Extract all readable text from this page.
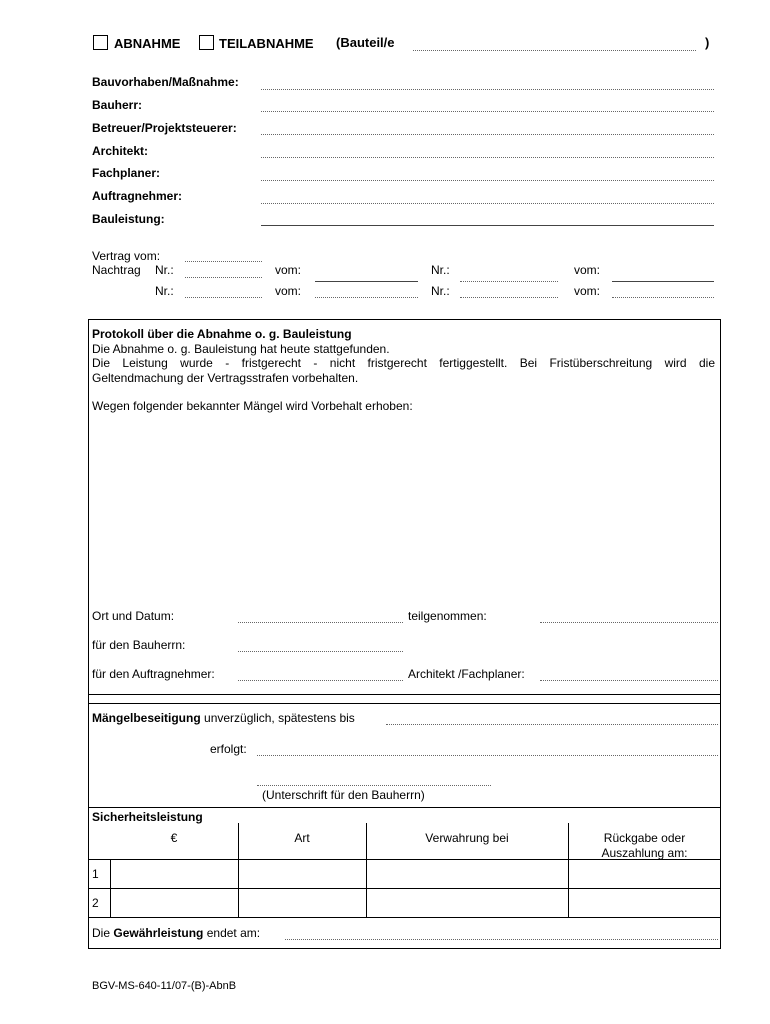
ABNAHME	TEILABNAHME (Bauteil/e	)
Bauvorhaben/Maßnahme:
Bauherr:
Betreuer/Projektsteuerer:
Architekt:
Fachplaner:
Auftragnehmer:
Bauleistung:
Vertrag vom:
Nachtrag Nr.:	vom:	Nr.:	vom:
Nr.:	vom:	Nr.:	vom:
Protokoll über die Abnahme o. g. Bauleistung
Die Abnahme o. g. Bauleistung hat heute stattgefunden.
Die Leistung wurde - fristgerecht - nicht fristgerecht fertiggestellt. Bei Fristüberschreitung wird die
Geltendmachung der Vertragsstrafen vorbehalten.
Wegen folgender bekannter Mängel wird Vorbehalt erhoben:
Ort und Datum:	teilgenommen:
für den Bauherrn:
für den Auftragnehmer:	Architekt /Fachplaner:
Mängelbeseitigung unverzüglich, spätestens bis
erfolgt:
(Unterschrift für den Bauherrn)
Sicherheitsleistung
€	Art	Verwahrung bei	Rückgabe oder
Auszahlung am:
1
2
Die Gewährleistung endet am:
BGV-MS-640-11/07-(B)-AbnB
